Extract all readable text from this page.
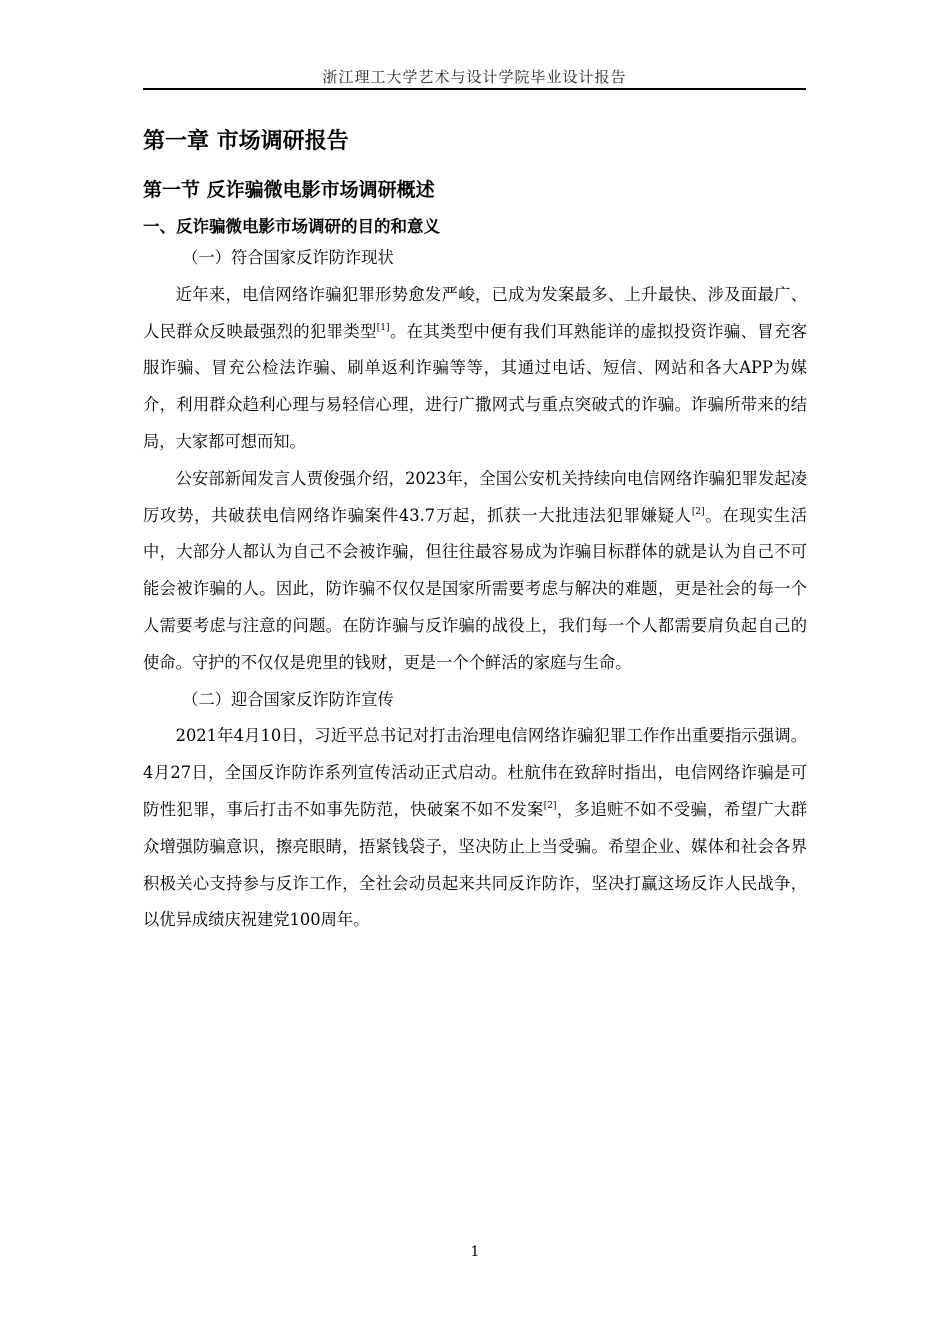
浙江理工大学艺术与设计学院毕业设计报告
第一章 市场调研报告
第一节 反诈骗微电影市场调研概述
一、反诈骗微电影市场调研的目的和意义

（一）符合国家反诈防诈现状

近年来，电信网络诈骗犯罪形势愈发严峻，已成为发案最多、上升最快、涉及面最广、人民群众反映最强烈的犯罪类型[1]。在其类型中便有我们耳熟能详的虚拟投资诈骗、冒充客服诈骗、冒充公检法诈骗、刷单返利诈骗等等，其通过电话、短信、网站和各大APP为媒介，利用群众趋利心理与易轻信心理，进行广撒网式与重点突破式的诈骗。诈骗所带来的结局，大家都可想而知。

公安部新闻发言人贾俊强介绍，2023年，全国公安机关持续向电信网络诈骗犯罪发起凌厉攻势，共破获电信网络诈骗案件43.7万起，抓获一大批违法犯罪嫌疑人[2]。在现实生活中，大部分人都认为自己不会被诈骗，但往往最容易成为诈骗目标群体的就是认为自己不可能会被诈骗的人。因此，防诈骗不仅仅是国家所需要考虑与解决的难题，更是社会的每一个人需要考虑与注意的问题。在防诈骗与反诈骗的战役上，我们每一个人都需要肩负起自己的使命。守护的不仅仅是兜里的钱财，更是一个个鲜活的家庭与生命。

（二）迎合国家反诈防诈宣传

2021年4月10日，习近平总书记对打击治理电信网络诈骗犯罪工作作出重要指示强调。4月27日，全国反诈防诈系列宣传活动正式启动。杜航伟在致辞时指出，电信网络诈骗是可防性犯罪，事后打击不如事先防范，快破案不如不发案[2]，多追赃不如不受骗，希望广大群众增强防骗意识，擦亮眼睛，捂紧钱袋子，坚决防止上当受骗。希望企业、媒体和社会各界积极关心支持参与反诈工作，全社会动员起来共同反诈防诈，坚决打赢这场反诈人民战争，以优异成绩庆祝建党100周年。

1
